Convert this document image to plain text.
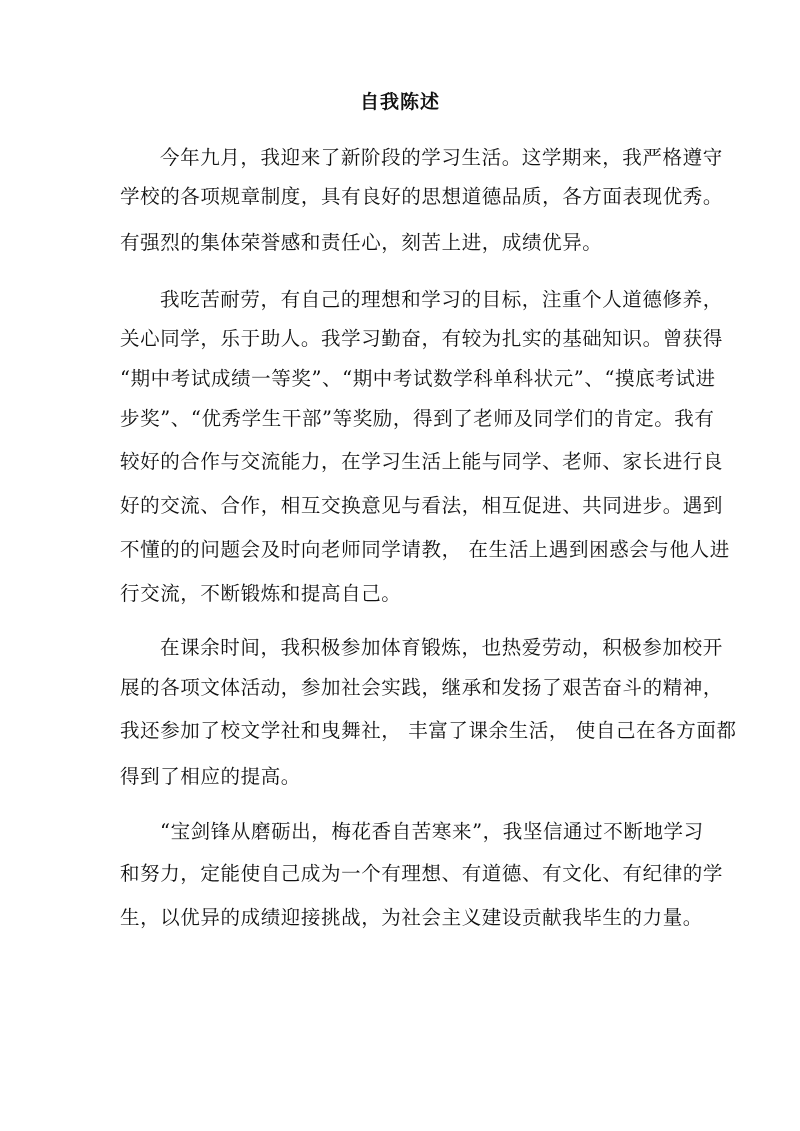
自我陈述
今年九月，我迎来了新阶段的学习生活。这学期来，我严格遵守
学校的各项规章制度，具有良好的思想道德品质，各方面表现优秀。
有强烈的集体荣誉感和责任心，刻苦上进，成绩优异。
我吃苦耐劳，有自己的理想和学习的目标，注重个人道德修养，
关心同学，乐于助人。我学习勤奋，有较为扎实的基础知识。曾获得
“期中考试成绩一等奖”、“期中考试数学科单科状元”、“摸底考试进
步奖”、“优秀学生干部”等奖励，得到了老师及同学们的肯定。我有
较好的合作与交流能力，在学习生活上能与同学、老师、家长进行良
好的交流、合作，相互交换意见与看法，相互促进、共同进步。遇到
不懂的的问题会及时向老师同学请教， 在生活上遇到困惑会与他人进
行交流，不断锻炼和提高自己。
在课余时间，我积极参加体育锻炼，也热爱劳动，积极参加校开
展的各项文体活动，参加社会实践，继承和发扬了艰苦奋斗的精神，
我还参加了校文学社和曳舞社， 丰富了课余生活， 使自己在各方面都
得到了相应的提高。
“宝剑锋从磨砺出，梅花香自苦寒来”，我坚信通过不断地学习
和努力，定能使自己成为一个有理想、有道德、有文化、有纪律的学
生，以优异的成绩迎接挑战，为社会主义建设贡献我毕生的力量。
